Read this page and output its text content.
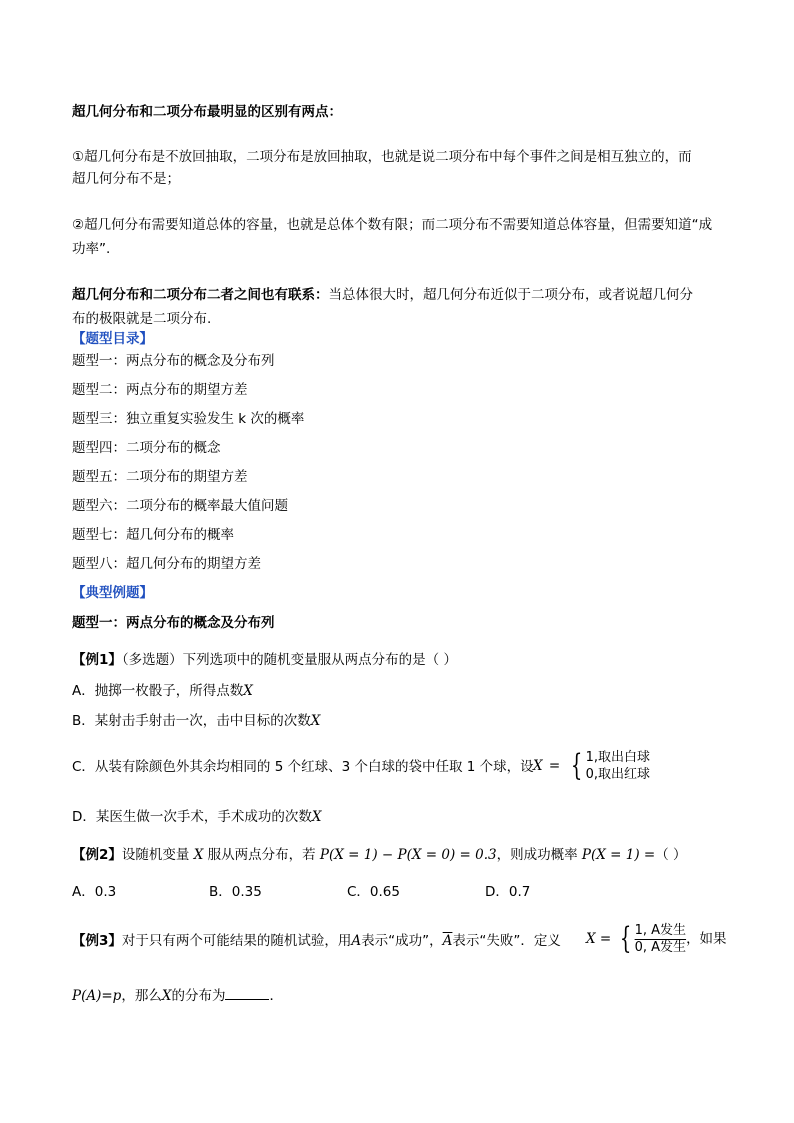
超几何分布和二项分布最明显的区别有两点：
①超几何分布是不放回抽取，二项分布是放回抽取，也就是说二项分布中每个事件之间是相互独立的，而
超几何分布不是；
②超几何分布需要知道总体的容量，也就是总体个数有限；而二项分布不需要知道总体容量，但需要知道“成
功率”.
超几何分布和二项分布二者之间也有联系：当总体很大时，超几何分布近似于二项分布，或者说超几何分
布的极限就是二项分布.
【题型目录】
题型一：两点分布的概念及分布列
题型二：两点分布的期望方差
题型三：独立重复实验发生 k 次的概率
题型四：二项分布的概念
题型五：二项分布的期望方差
题型六：二项分布的概率最大值问题
题型七：超几何分布的概率
题型八：超几何分布的期望方差
【典型例题】
题型一：两点分布的概念及分布列
【例1】（多选题）下列选项中的随机变量服从两点分布的是（ ）
A．抛掷一枚骰子，所得点数X
B．某射击手射击一次，击中目标的次数X
C．从装有除颜色外其余均相同的 5 个红球、3 个白球的袋中任取 1 个球，设 X = { 1,取出白球
0,取出红球
D．某医生做一次手术，手术成功的次数X
【例2】设随机变量 X 服从两点分布，若 P(X = 1) − P(X = 0) = 0.3，则成功概率 P(X = 1) =（ ）
A．0.3	B．0.35	C．0.65	D．0.7
【例3】对于只有两个可能结果的随机试验，用A表示“成功”，$\overline{A}$表示“失败”．定义 X = { 1, A发生
0, A发生
，如果
P(A)=p，那么X的分布为	．
